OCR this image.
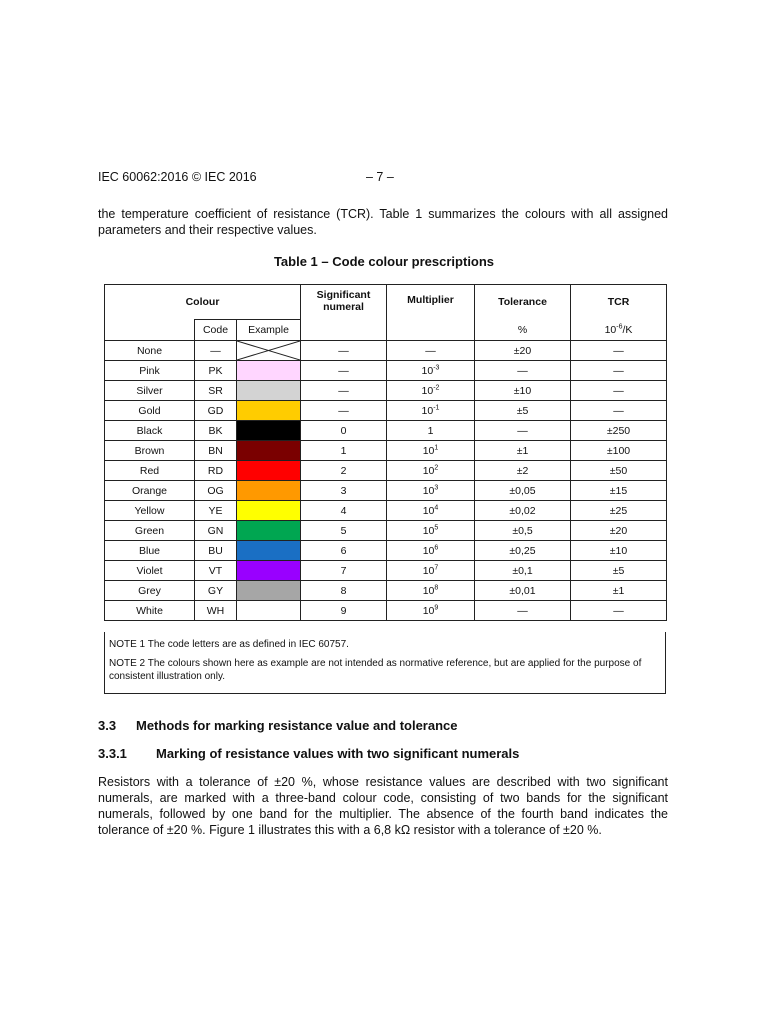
IEC 60062:2016 © IEC 2016	– 7 –
the temperature coefficient of resistance (TCR). Table 1 summarizes the colours with all assigned parameters and their respective values.
Table 1 – Code colour prescriptions
Colour			Significant numeral	Multiplier	Tolerance	TCR
	Code	Example			%	$10^{-6}/K$
None	—		—	—	±20	—
Pink	PK		—	$10^{-3}$	—	—
Silver	SR		—	$10^{-2}$	±10	—
Gold	GD		—	$10^{-1}$	±5	—
Black	BK		0	1	—	±250
Brown	BN		1	$10^1$	±1	±100
Red	RD		2	$10^2$	±2	±50
Orange	OG		3	$10^3$	±0,05	±15
Yellow	YE		4	$10^4$	±0,02	±25
Green	GN		5	$10^5$	±0,5	±20
Blue	BU		6	$10^6$	±0,25	±10
Violet	VT		7	$10^7$	±0,1	±5
Grey	GY		8	$10^8$	±0,01	±1
White	WH		9	$10^9$	—	—
NOTE 1 The code letters are as defined in IEC 60757.
NOTE 2 The colours shown here as example are not intended as normative reference, but are applied for the purpose of consistent illustration only.
3.3 Methods for marking resistance value and tolerance
3.3.1 Marking of resistance values with two significant numerals
Resistors with a tolerance of ±20 %, whose resistance values are described with two significant numerals, are marked with a three-band colour code, consisting of two bands for the significant numerals, followed by one band for the multiplier. The absence of the fourth band indicates the tolerance of ±20 %. Figure 1 illustrates this with a 6,8 kΩ resistor with a tolerance of ±20 %.
